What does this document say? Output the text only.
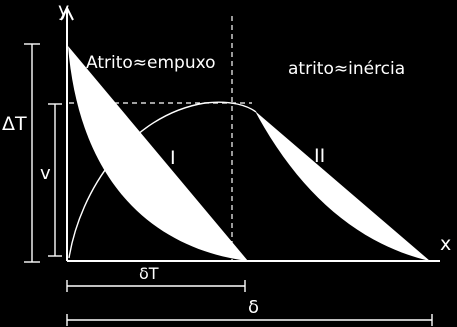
y
x
Atrito≈empuxo	atrito≈inércia
I	II
ΔT
v
δT
δ
